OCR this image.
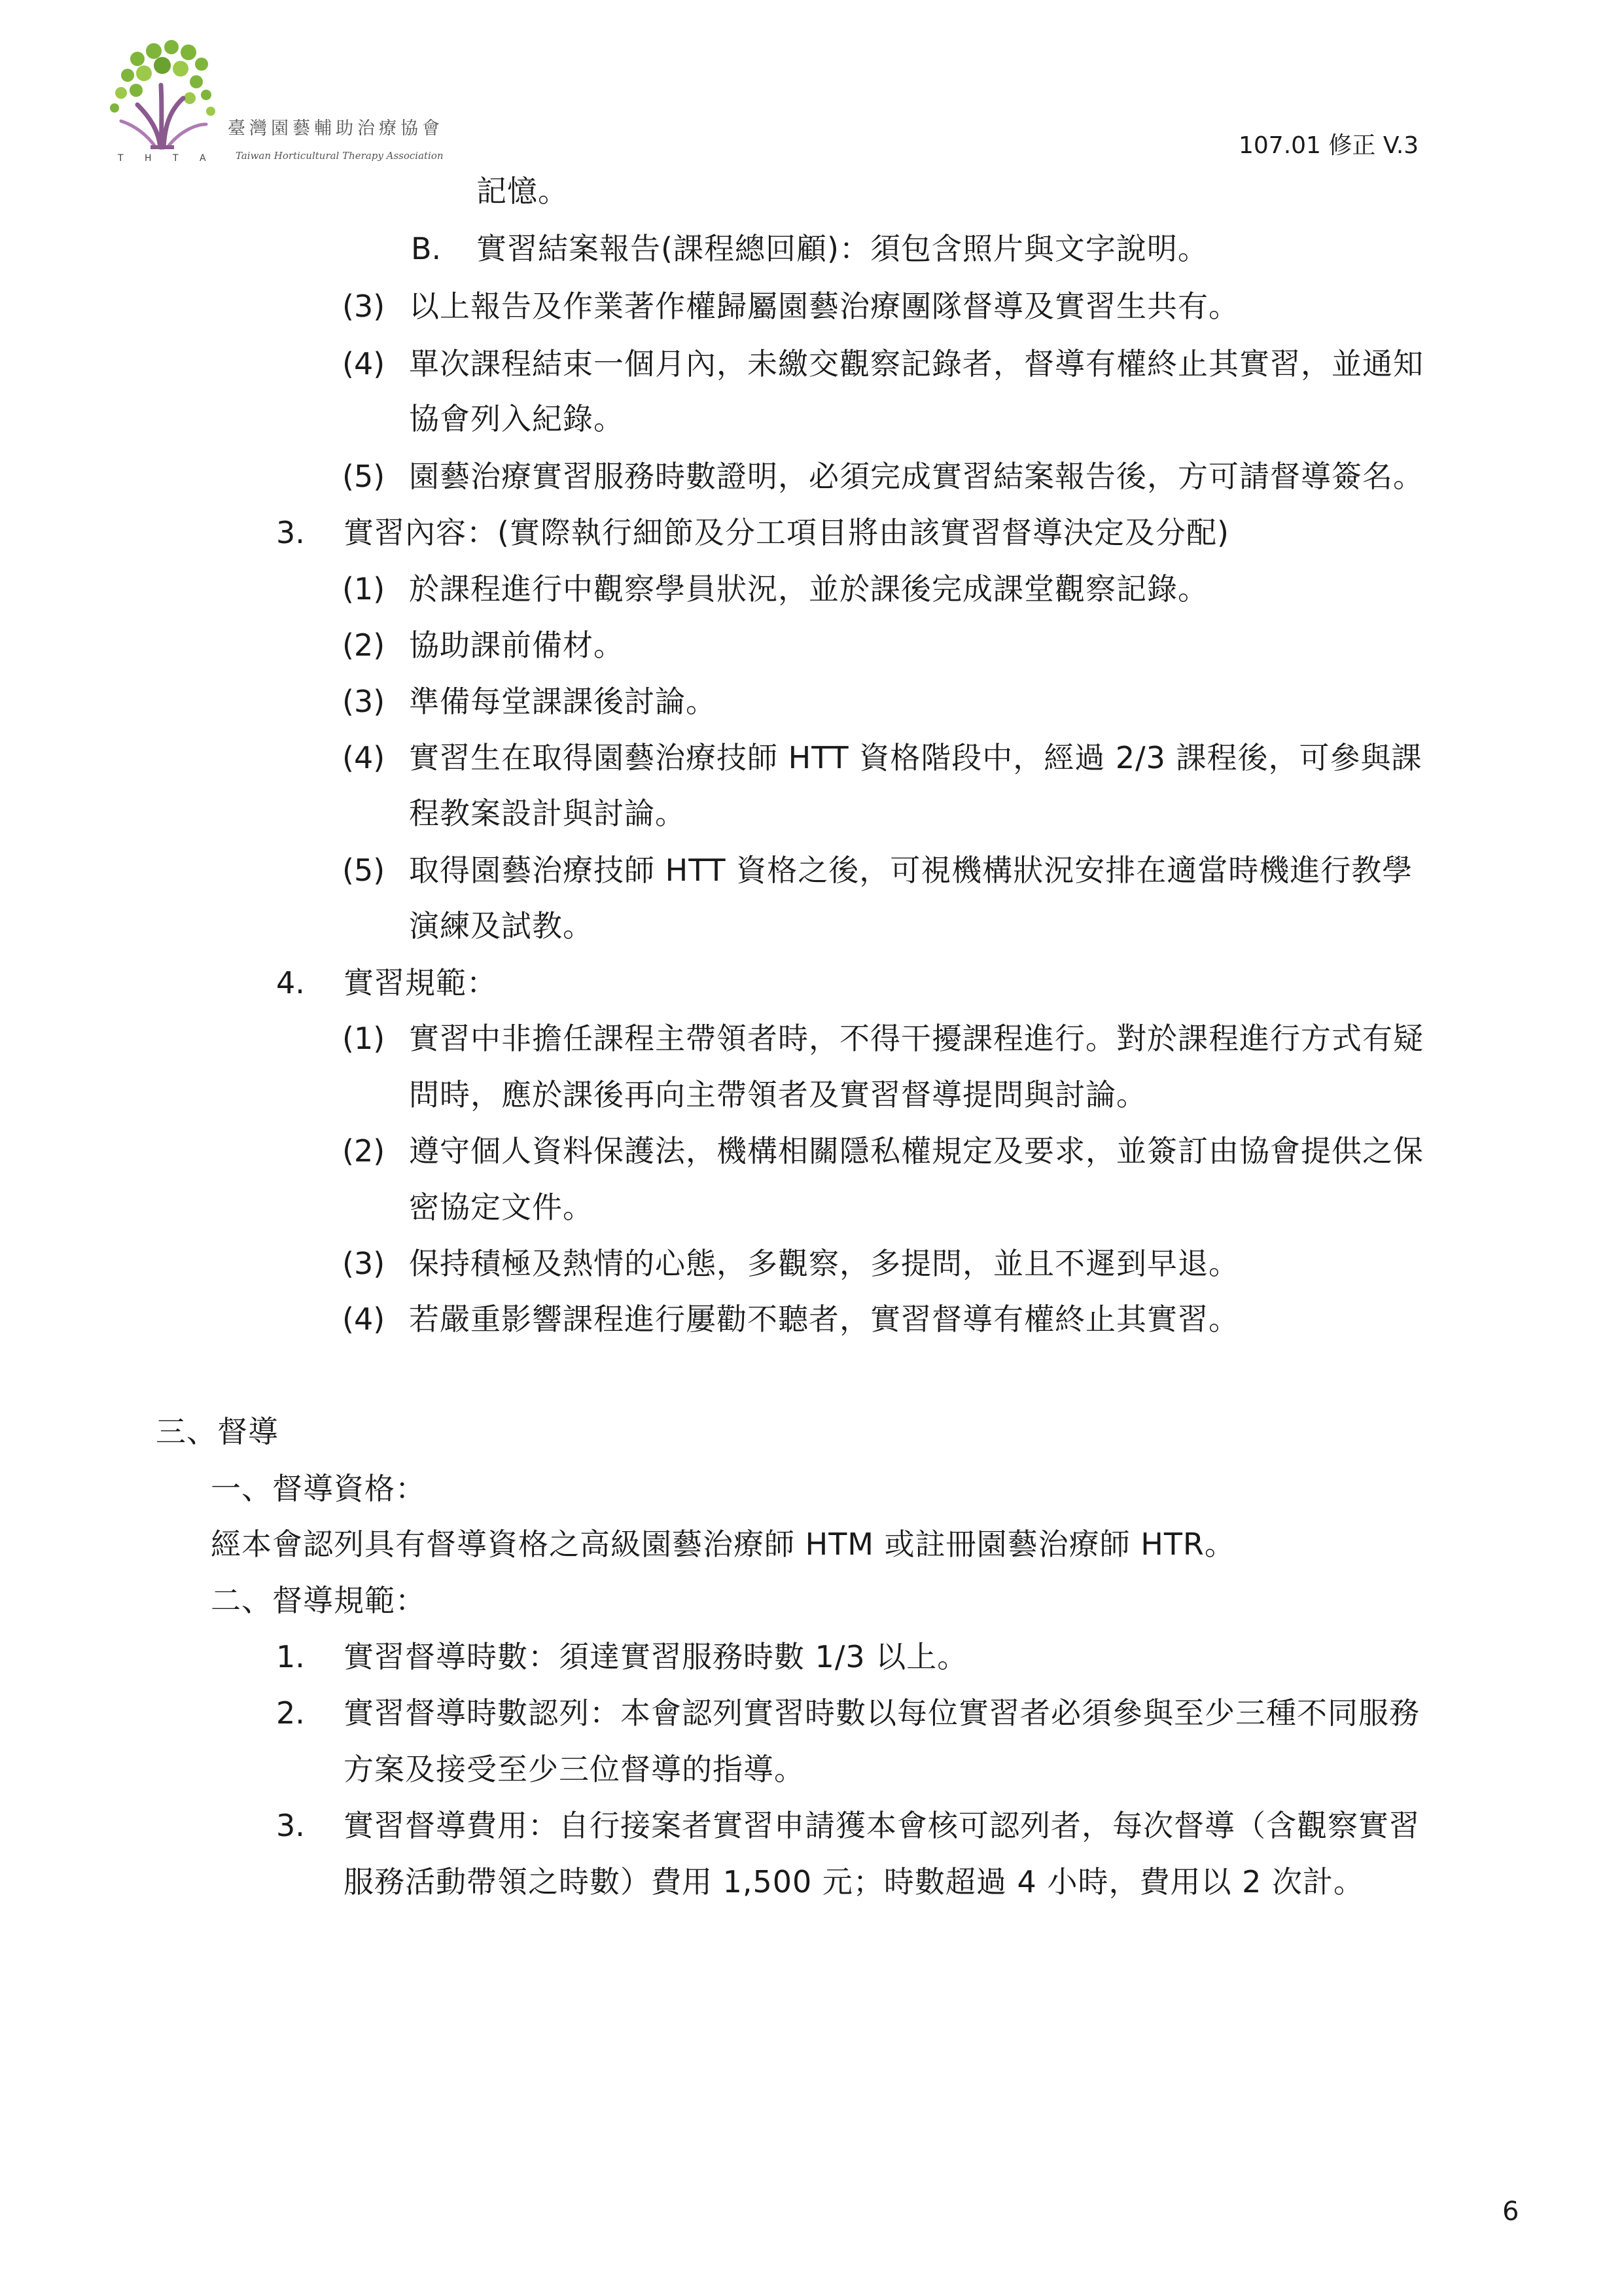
臺灣園藝輔助治療協會
T H T A Taiwan Horticultural Therapy Association	107.01 修正 V.3
記憶。
B. 實習結案報告(課程總回顧)：須包含照片與文字說明。
(3) 以上報告及作業著作權歸屬園藝治療團隊督導及實習生共有。
(4) 單次課程結束一個月內，未繳交觀察記錄者，督導有權終止其實習，並通知
協會列入紀錄。
(5) 園藝治療實習服務時數證明，必須完成實習結案報告後，方可請督導簽名。
3. 實習內容：(實際執行細節及分工項目將由該實習督導決定及分配)
(1) 於課程進行中觀察學員狀況，並於課後完成課堂觀察記錄。
(2) 協助課前備材。
(3) 準備每堂課課後討論。
(4) 實習生在取得園藝治療技師 HTT 資格階段中，經過 2/3 課程後，可參與課
程教案設計與討論。
(5) 取得園藝治療技師 HTT 資格之後，可視機構狀況安排在適當時機進行教學
演練及試教。
4. 實習規範：
(1) 實習中非擔任課程主帶領者時，不得干擾課程進行。對於課程進行方式有疑
問時，應於課後再向主帶領者及實習督導提問與討論。
(2) 遵守個人資料保護法，機構相關隱私權規定及要求，並簽訂由協會提供之保
密協定文件。
(3) 保持積極及熱情的心態，多觀察，多提問，並且不遲到早退。
(4) 若嚴重影響課程進行屢勸不聽者，實習督導有權終止其實習。
三、督導
一、督導資格：
經本會認列具有督導資格之高級園藝治療師 HTM 或註冊園藝治療師 HTR。
二、督導規範：
1. 實習督導時數：須達實習服務時數 1/3 以上。
2. 實習督導時數認列：本會認列實習時數以每位實習者必須參與至少三種不同服務
方案及接受至少三位督導的指導。
3. 實習督導費用：自行接案者實習申請獲本會核可認列者，每次督導（含觀察實習
服務活動帶領之時數）費用 1,500 元；時數超過 4 小時，費用以 2 次計。
6
